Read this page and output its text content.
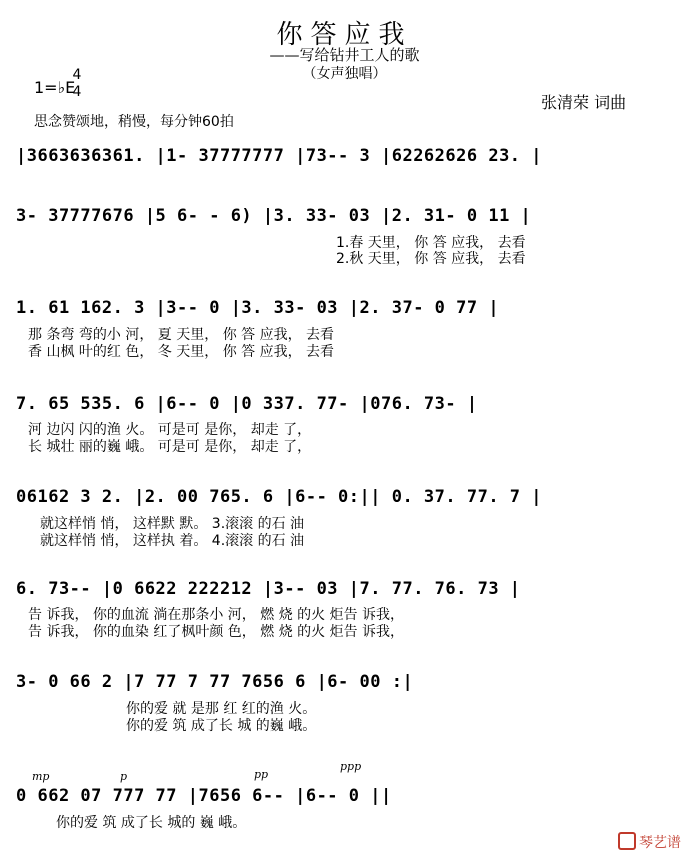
你答应我
——写给钻井工人的歌
（女声独唱）
1=♭E
4
4
张清荣 词曲
思念赞颂地，稍慢，每分钟60拍
|3663636361. |1- 37777777 |73-- 3 |62262626 23. |
3- 37777676 |5 6- - 6) |3. 33- 03 |2. 31- 0 11 |
1.春 天里， 你 答 应我， 去看
2.秋 天里， 你 答 应我， 去看
1. 61 162. 3 |3-- 0 |3. 33- 03 |2. 37- 0 77 |
那 条弯 弯的小 河， 夏 天里， 你 答 应我， 去看
香 山枫 叶的红 色， 冬 天里， 你 答 应我， 去看
7. 65 535. 6 |6-- 0 |0 337. 77- |076. 73- |
河 边闪 闪的渔 火。 可是可 是你， 却走 了，
长 城壮 丽的巍 峨。 可是可 是你， 却走 了，
06162 3 2. |2. 00 765. 6 |6-- 0:|| 0. 37. 77. 7 |
就这样悄 悄， 这样默 默。 3.滚滚 的石 油
就这样悄 悄， 这样执 着。 4.滚滚 的石 油
6. 73-- |0 6622 222212 |3-- 03 |7. 77. 76. 73 |
告 诉我， 你的血流 淌在那条小 河， 燃 烧 的火 炬告 诉我，
告 诉我， 你的血染 红了枫叶颜 色， 燃 烧 的火 炬告 诉我，
3- 0 66 2 |7 77 7 77 7656 6 |6- 00 :|
你的爱 就 是那 红 红的渔 火。
你的爱 筑 成了长 城 的巍 峨。
mp	p	pp
ppp
0 662 07 777 77 |7656 6-- |6-- 0 ||
你的爱 筑 成了长 城的 巍 峨。
琴艺谱
